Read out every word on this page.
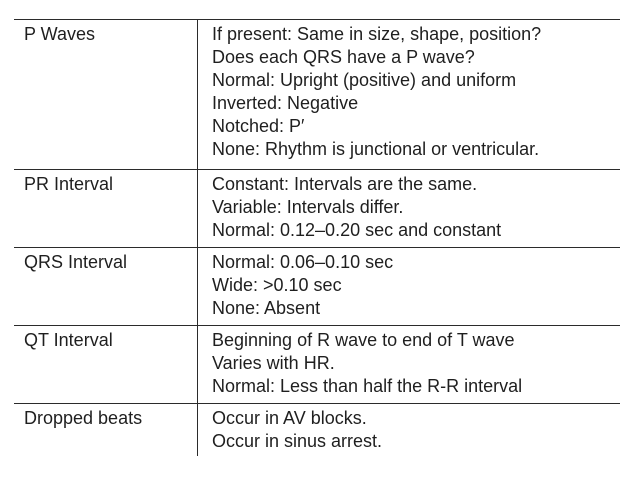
P Waves	If present: Same in size, shape, position?
Does each QRS have a P wave?
Normal: Upright (positive) and uniform
Inverted: Negative
Notched: P′
None: Rhythm is junctional or ventricular.
PR Interval	Constant: Intervals are the same.
Variable: Intervals differ.
Normal: 0.12–0.20 sec and constant
QRS Interval	Normal: 0.06–0.10 sec
Wide: >0.10 sec
None: Absent
QT Interval	Beginning of R wave to end of T wave
Varies with HR.
Normal: Less than half the R-R interval
Dropped beats	Occur in AV blocks.
Occur in sinus arrest.
